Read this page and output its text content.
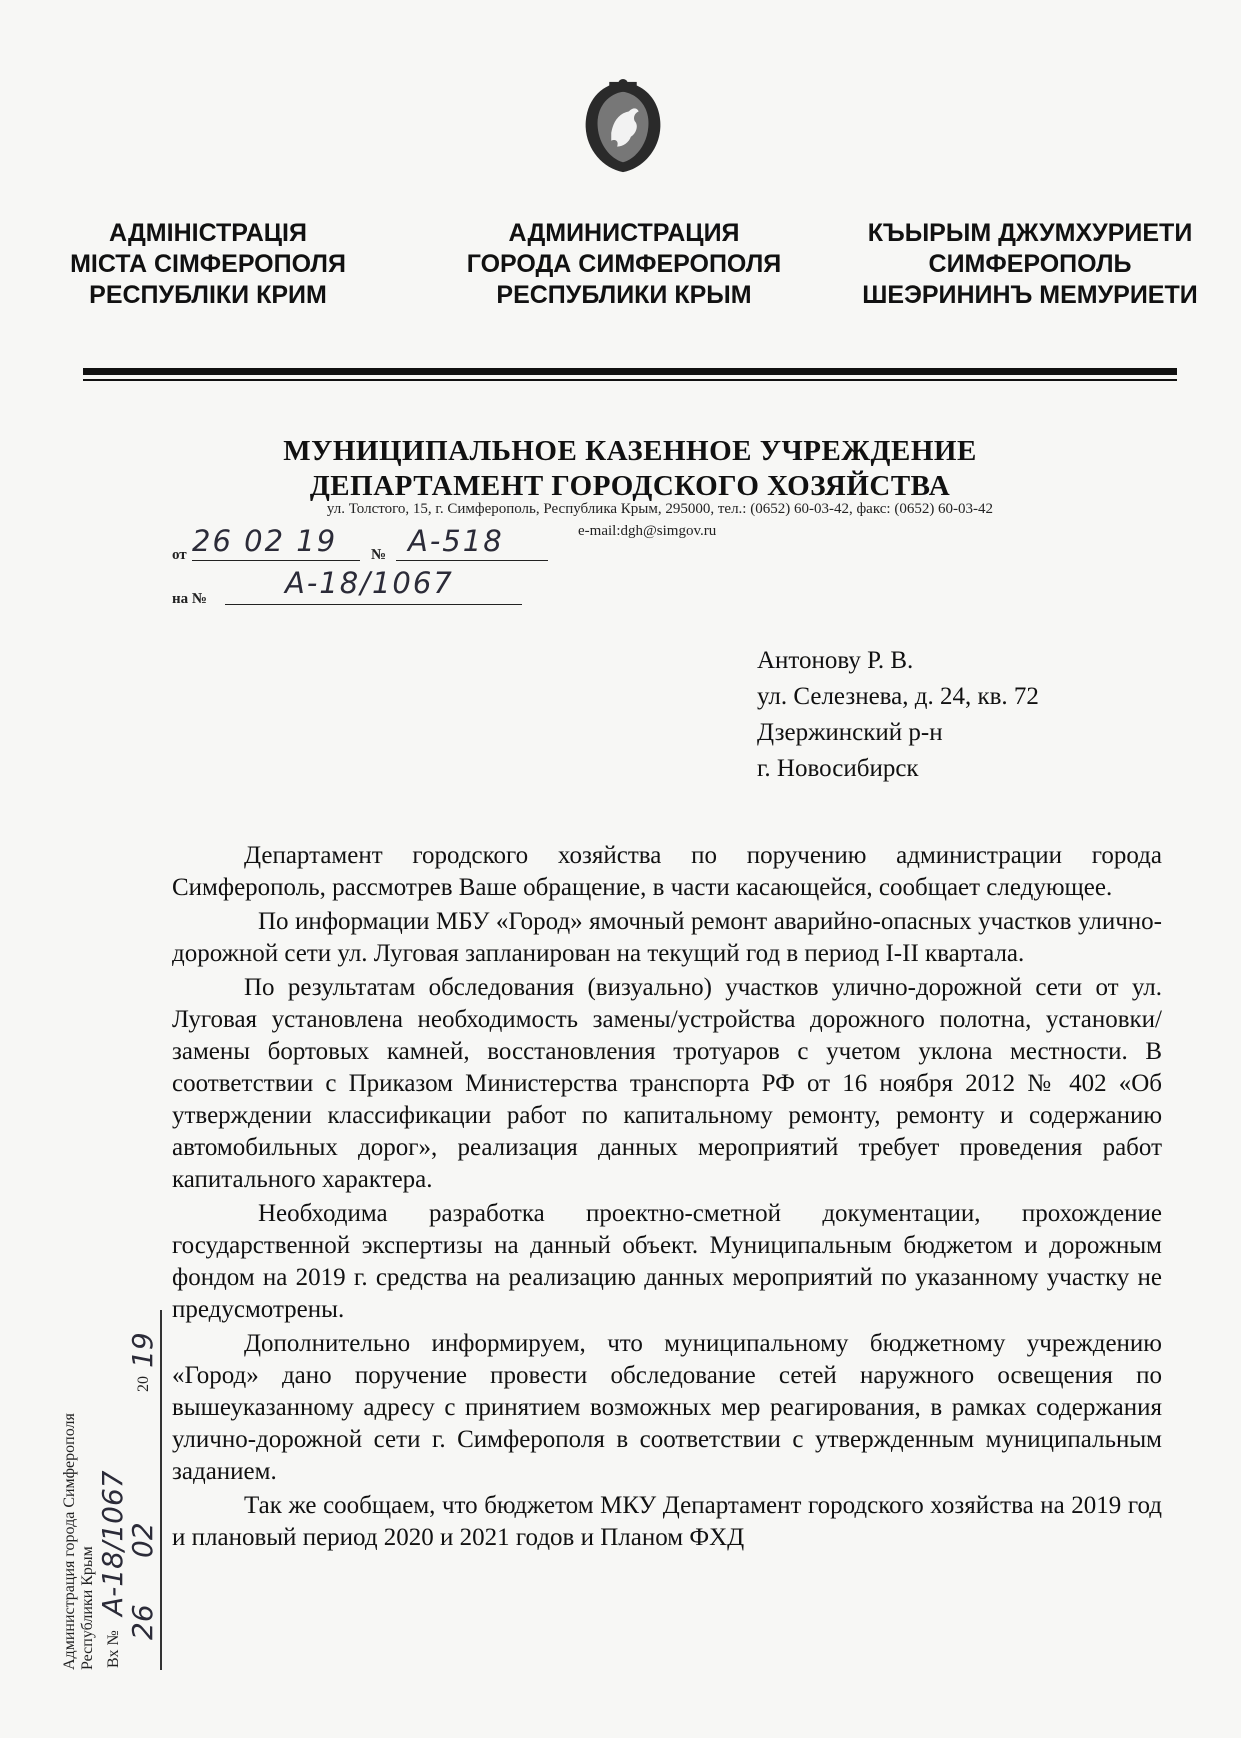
АДМІНІСТРАЦІЯ
МІСТА СІМФЕРОПОЛЯ
РЕСПУБЛІКИ КРИМ
АДМИНИСТРАЦИЯ
ГОРОДА СИМФЕРОПОЛЯ
РЕСПУБЛИКИ КРЫМ
КЪЫРЫМ ДЖУМХУРИЕТИ
СИМФЕРОПОЛЬ
ШЕЭРИНИНЪ МЕМУРИЕТИ
МУНИЦИПАЛЬНОЕ КАЗЕННОЕ УЧРЕЖДЕНИЕ
ДЕПАРТАМЕНТ ГОРОДСКОГО ХОЗЯЙСТВА
ул. Толстого, 15, г. Симферополь, Республика Крым, 295000, тел.: (0652) 60-03-42, факс: (0652) 60-03-42
e-mail:dgh@simgov.ru
от 26 02 19 № А-518
на №	А-18/1067
Антонову Р. В.
ул. Селезнева, д. 24, кв. 72
Дзержинский р-н
г. Новосибирск

Департамент городского хозяйства по поручению администрации города Симферополь, рассмотрев Ваше обращение, в части касающейся, сообщает следующее.

По информации МБУ «Город» ямочный ремонт аварийно-опасных участков улично-дорожной сети ул. Луговая запланирован на текущий год в период I-II квартала.

По результатам обследования (визуально) участков улично-дорожной сети от ул. Луговая установлена необходимость замены/устройства дорожного полотна, установки/замены бортовых камней, восстановления тротуаров с учетом уклона местности. В соответствии с Приказом Министерства транспорта РФ от 16 ноября 2012 № 402 «Об утверждении классификации работ по капитальному ремонту, ремонту и содержанию автомобильных дорог», реализация данных мероприятий требует проведения работ капитального характера.

Необходима разработка проектно-сметной документации, прохождение государственной экспертизы на данный объект. Муниципальным бюджетом и дорожным фондом на 2019 г. средства на реализацию данных мероприятий по указанному участку не предусмотрены.

Дополнительно информируем, что муниципальному бюджетному учреждению «Город» дано поручение провести обследование сетей наружного освещения по вышеуказанному адресу с принятием возможных мер реагирования, в рамках содержания улично-дорожной сети г. Симферополя в соответствии с утвержденным муниципальным заданием.

Так же сообщаем, что бюджетом МКУ Департамент городского хозяйства на 2019 год и плановый период 2020 и 2021 годов и Планом ФХД

Администрация города Симферополя Республики Крым Вх №
А-18/1067
26
02
20
19
